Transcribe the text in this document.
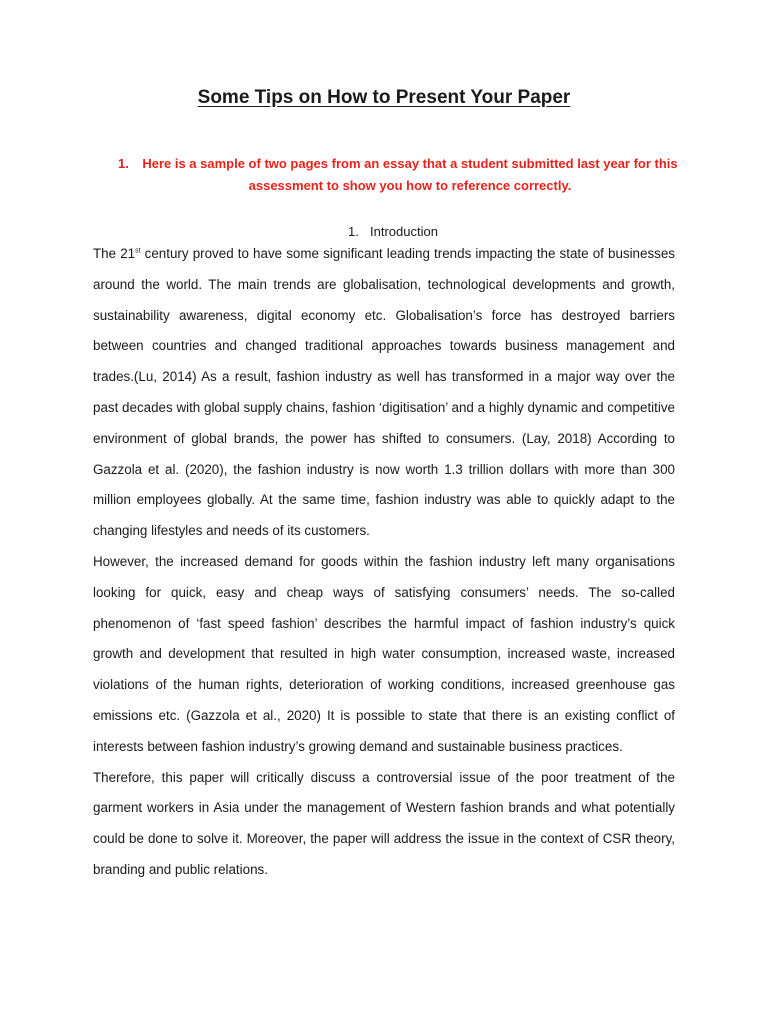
Some Tips on How to Present Your Paper
1.	Here is a sample of two pages from an essay that a student submitted last year for this assessment to show you how to reference correctly.
1. Introduction

The 21st century proved to have some significant leading trends impacting the state of businesses around the world. The main trends are globalisation, technological developments and growth, sustainability awareness, digital economy etc. Globalisation’s force has destroyed barriers between countries and changed traditional approaches towards business management and trades.(Lu, 2014) As a result, fashion industry as well has transformed in a major way over the past decades with global supply chains, fashion ‘digitisation’ and a highly dynamic and competitive environment of global brands, the power has shifted to consumers. (Lay, 2018) According to Gazzola et al. (2020), the fashion industry is now worth 1.3 trillion dollars with more than 300 million employees globally. At the same time, fashion industry was able to quickly adapt to the changing lifestyles and needs of its customers.

However, the increased demand for goods within the fashion industry left many organisations looking for quick, easy and cheap ways of satisfying consumers’ needs. The so-called phenomenon of ‘fast speed fashion’ describes the harmful impact of fashion industry’s quick growth and development that resulted in high water consumption, increased waste, increased violations of the human rights, deterioration of working conditions, increased greenhouse gas emissions etc. (Gazzola et al., 2020) It is possible to state that there is an existing conflict of interests between fashion industry’s growing demand and sustainable business practices.

Therefore, this paper will critically discuss a controversial issue of the poor treatment of the garment workers in Asia under the management of Western fashion brands and what potentially could be done to solve it. Moreover, the paper will address the issue in the context of CSR theory, branding and public relations.
